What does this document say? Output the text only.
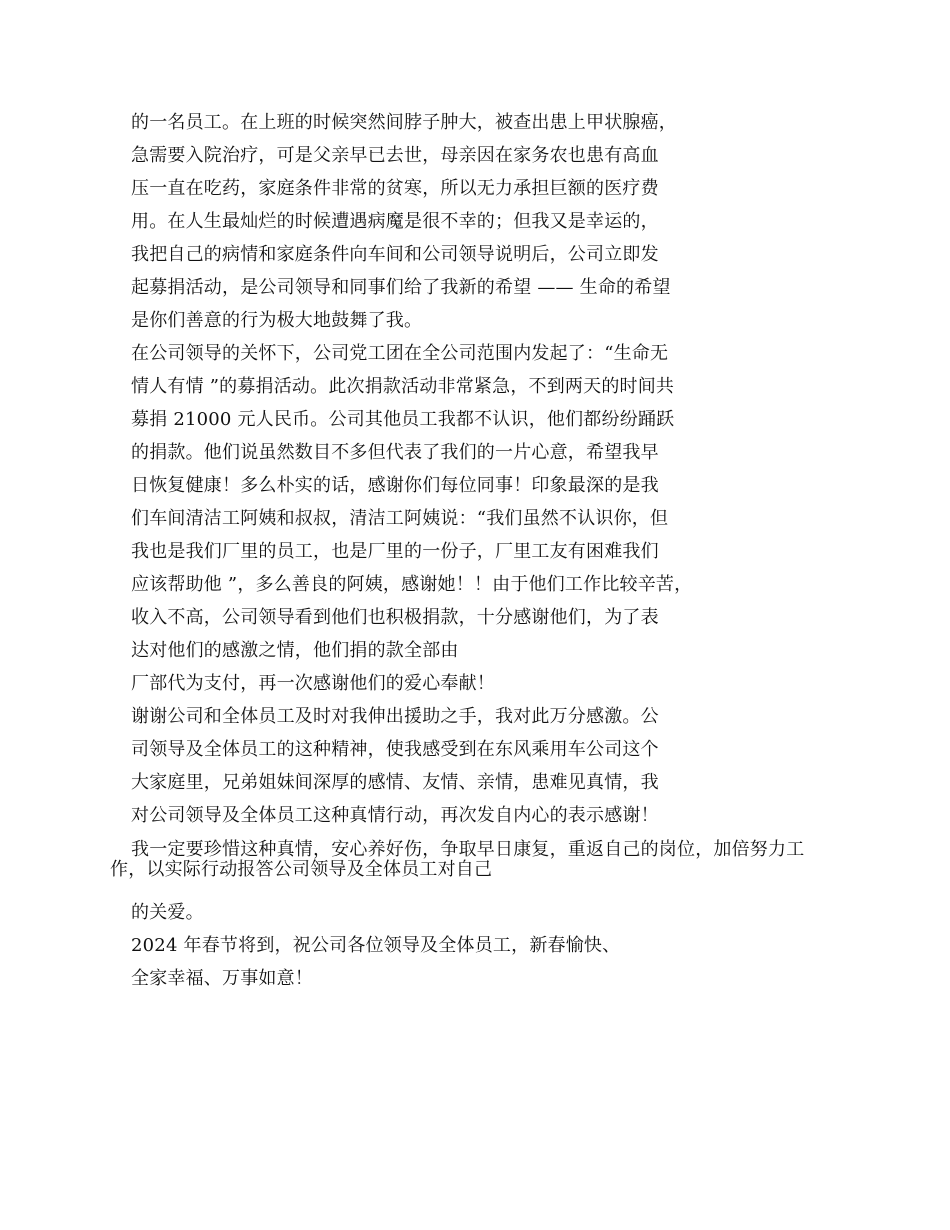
的一名员工。在上班的时候突然间脖子肿大，被查出患上甲状腺癌，
急需要入院治疗，可是父亲早已去世，母亲因在家务农也患有高血
压一直在吃药，家庭条件非常的贫寒，所以无力承担巨额的医疗费
用。在人生最灿烂的时候遭遇病魔是很不幸的；但我又是幸运的，
我把自己的病情和家庭条件向车间和公司领导说明后，公司立即发
起募捐活动，是公司领导和同事们给了我新的希望 —— 生命的希望
是你们善意的行为极大地鼓舞了我。
在公司领导的关怀下，公司党工团在全公司范围内发起了：“生命无
情人有情 ”的募捐活动。此次捐款活动非常紧急，不到两天的时间共
募捐 21000 元人民币。公司其他员工我都不认识，他们都纷纷踊跃
的捐款。他们说虽然数目不多但代表了我们的一片心意，希望我早
日恢复健康！多么朴实的话，感谢你们每位同事！印象最深的是我
们车间清洁工阿姨和叔叔，清洁工阿姨说：“我们虽然不认识你，但
我也是我们厂里的员工，也是厂里的一份子，厂里工友有困难我们
应该帮助他 ”，多么善良的阿姨，感谢她！！由于他们工作比较辛苦，
收入不高，公司领导看到他们也积极捐款，十分感谢他们，为了表
达对他们的感激之情，他们捐的款全部由
厂部代为支付，再一次感谢他们的爱心奉献！
谢谢公司和全体员工及时对我伸出援助之手，我对此万分感激。公
司领导及全体员工的这种精神，使我感受到在东风乘用车公司这个
大家庭里，兄弟姐妹间深厚的感情、友情、亲情，患难见真情，我
对公司领导及全体员工这种真情行动，再次发自内心的表示感谢！
我一定要珍惜这种真情，安心养好伤，争取早日康复，重返自己的岗位，加倍努力工作，以实际行动报答公司领导及全体员工对自己
的关爱。
2024 年春节将到，祝公司各位领导及全体员工，新春愉快、
全家幸福、万事如意！
